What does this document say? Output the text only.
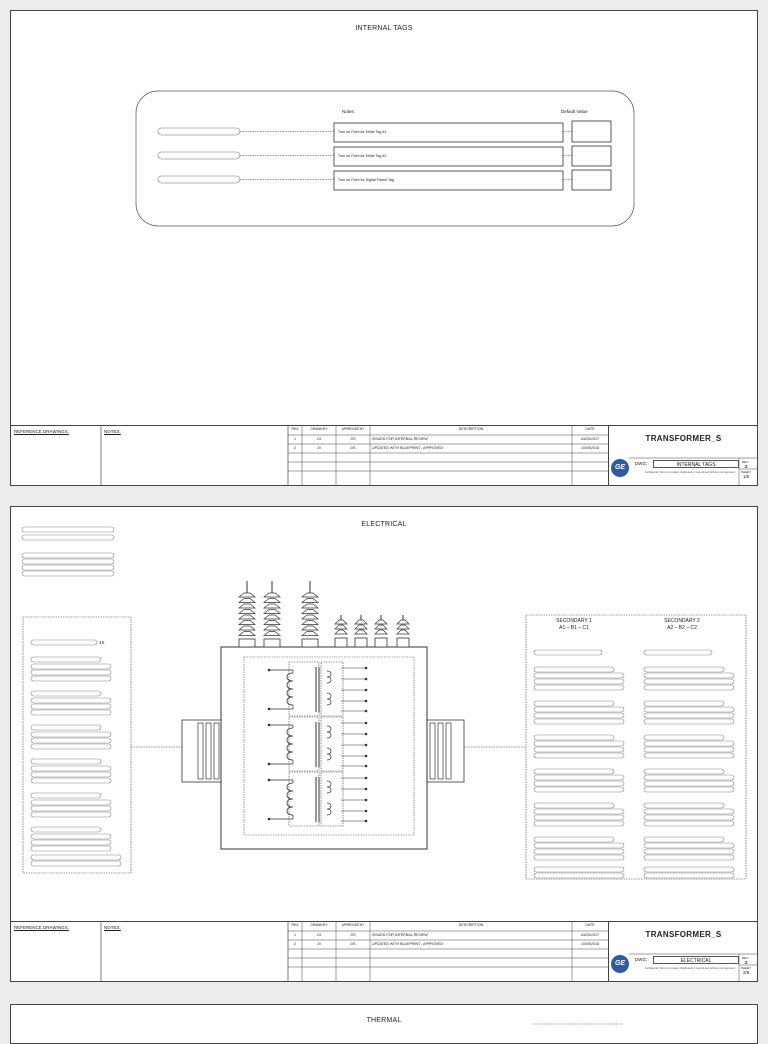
INTERNAL TAGS
Notes:	Default Value
Turn on Point for Mode Tag #1
Turn on Point for Mode Tag #2
Turn on Point for Digital Parent Tag
REFERENCE DRAWINGS:	NOTES:	REV	DRAWN BY	APPROVED BY	DESCRIPTION	DATE
1	LG	DS	ISSUED FOR INTERNAL REVIEW	04/20/2017
2	JV	DS	UPDATED WITH BLUEPRINT - APPROVED	10/09/2018
TRANSFORMER_S
GE
DWG:	INTERNAL TAGS
Confidential. Not to be copied, distributed or reproduced without prior approval.
REV:
2
SHEET
1/5
ELECTRICAL
1S
SECONDARY 1
A1 – B1 – C1
SECONDARY 2
A2 – B2 – C2
REFERENCE DRAWINGS:	NOTES:	REV	DRAWN BY	APPROVED BY	DESCRIPTION	DATE
1	LG	DS	ISSUED FOR INTERNAL REVIEW	04/20/2017
2	JV	DS	UPDATED WITH BLUEPRINT - APPROVED	10/09/2018
TRANSFORMER_S
GE
DWG:	ELECTRICAL
Confidential. Not to be copied, distributed or reproduced without prior approval.
REV:
2
SHEET
2/5
THERMAL
